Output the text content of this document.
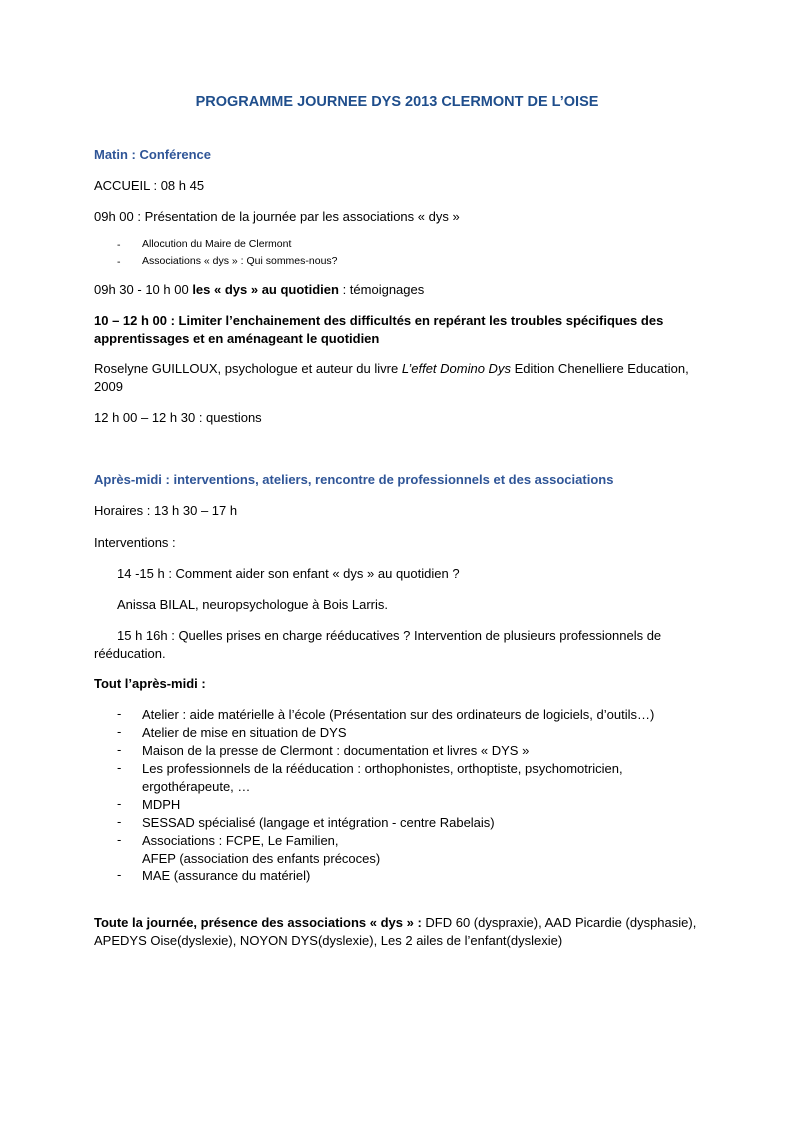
PROGRAMME JOURNEE DYS 2013 CLERMONT DE L’OISE
Matin : Conférence

ACCUEIL : 08 h 45

09h 00 : Présentation de la journée par les associations « dys »

- Allocution du Maire de Clermont
- Associations « dys » : Qui sommes-nous?

09h 30 - 10 h 00 les « dys » au quotidien : témoignages

10 – 12 h 00 : Limiter l’enchainement des difficultés en repérant les troubles spécifiques des apprentissages et en aménageant le quotidien

Roselyne GUILLOUX, psychologue et auteur du livre L’effet Domino Dys Edition Chenelliere Education, 2009

12 h 00 – 12 h 30 : questions

Après-midi : interventions, ateliers, rencontre de professionnels et des associations

Horaires : 13 h 30 – 17 h

Interventions :

14 -15 h : Comment aider son enfant « dys » au quotidien ?

Anissa BILAL, neuropsychologue à Bois Larris.

15 h 16h : Quelles prises en charge rééducatives ? Intervention de plusieurs professionnels de rééducation.

Tout l’après-midi :

- Atelier : aide matérielle à l’école (Présentation sur des ordinateurs de logiciels, d’outils…)
- Atelier de mise en situation de DYS
- Maison de la presse de Clermont : documentation et livres « DYS »
- Les professionnels de la rééducation : orthophonistes, orthoptiste, psychomotricien, ergothérapeute, …
- MDPH
- SESSAD spécialisé (langage et intégration - centre Rabelais)
- Associations : FCPE, Le Familien,
AFEP (association des enfants précoces)
- MAE (assurance du matériel)

Toute la journée, présence des associations « dys » : DFD 60 (dyspraxie), AAD Picardie (dysphasie), APEDYS Oise(dyslexie), NOYON DYS(dyslexie), Les 2 ailes de l’enfant(dyslexie)
